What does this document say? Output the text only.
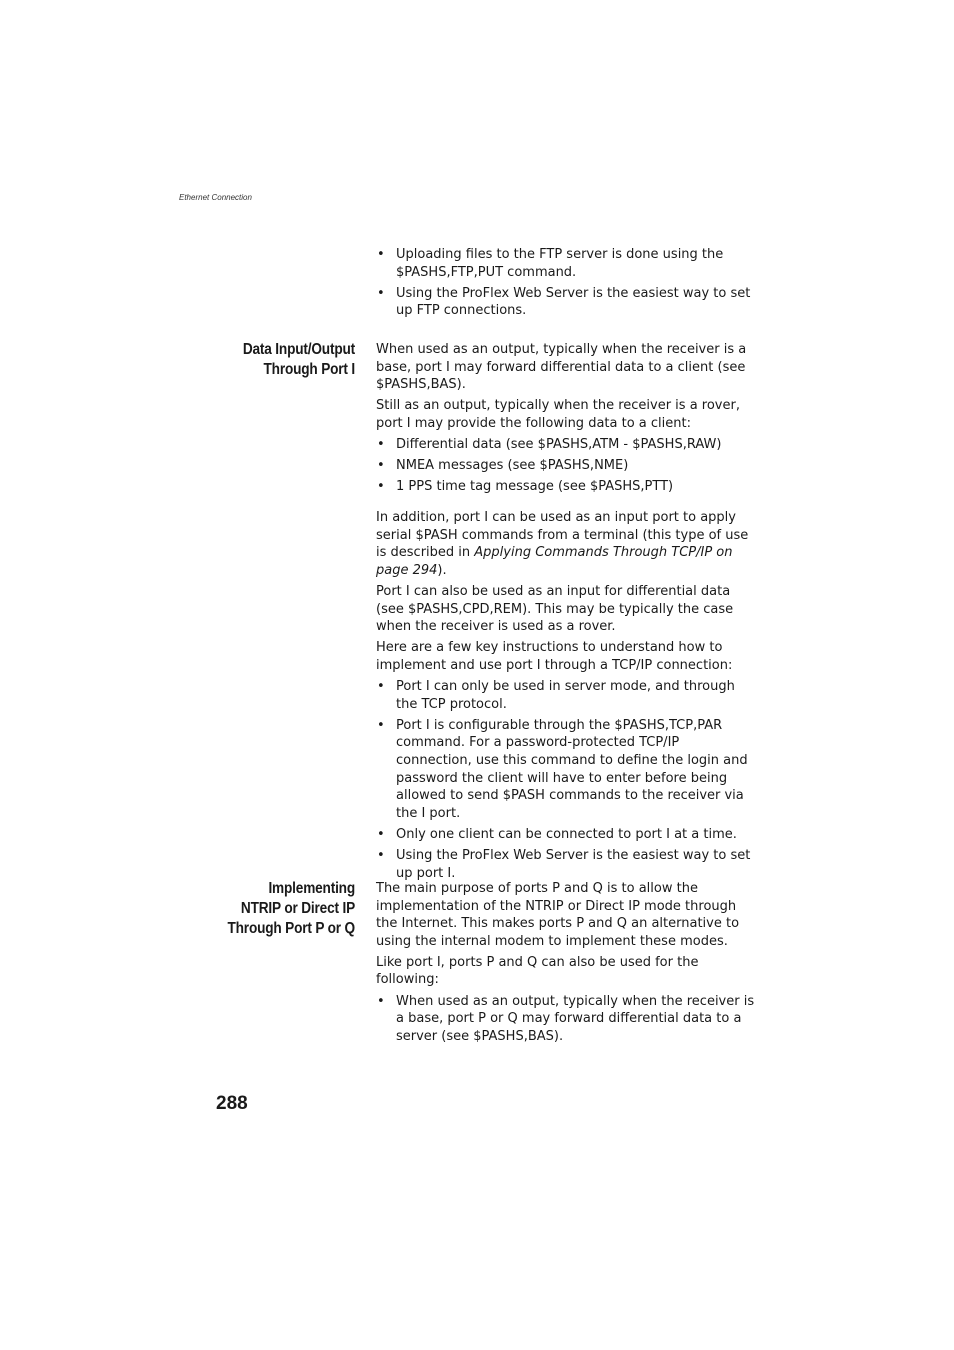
Ethernet Connection
• Uploading files to the FTP server is done using the $PASHS,FTP,PUT command.
• Using the ProFlex Web Server is the easiest way to set up FTP connections.
Data Input/Output
Through Port I

When used as an output, typically when the receiver is a base, port I may forward differential data to a client (see $PASHS,BAS).

Still as an output, typically when the receiver is a rover, port I may provide the following data to a client:

• Differential data (see $PASHS,ATM - $PASHS,RAW)
• NMEA messages (see $PASHS,NME)
• 1 PPS time tag message (see $PASHS,PTT)

In addition, port I can be used as an input port to apply serial $PASH commands from a terminal (this type of use is described in Applying Commands Through TCP/IP on page 294).

Port I can also be used as an input for differential data (see $PASHS,CPD,REM). This may be typically the case when the receiver is used as a rover.

Here are a few key instructions to understand how to implement and use port I through a TCP/IP connection:

• Port I can only be used in server mode, and through the TCP protocol.
• Port I is configurable through the $PASHS,TCP,PAR command. For a password-protected TCP/IP connection, use this command to define the login and password the client will have to enter before being allowed to send $PASH commands to the receiver via the I port.
• Only one client can be connected to port I at a time.
• Using the ProFlex Web Server is the easiest way to set up port I.
Implementing
NTRIP or Direct IP
Through Port P or Q

The main purpose of ports P and Q is to allow the implementation of the NTRIP or Direct IP mode through the Internet. This makes ports P and Q an alternative to using the internal modem to implement these modes.

Like port I, ports P and Q can also be used for the following:

• When used as an output, typically when the receiver is a base, port P or Q may forward differential data to a server (see $PASHS,BAS).
288
